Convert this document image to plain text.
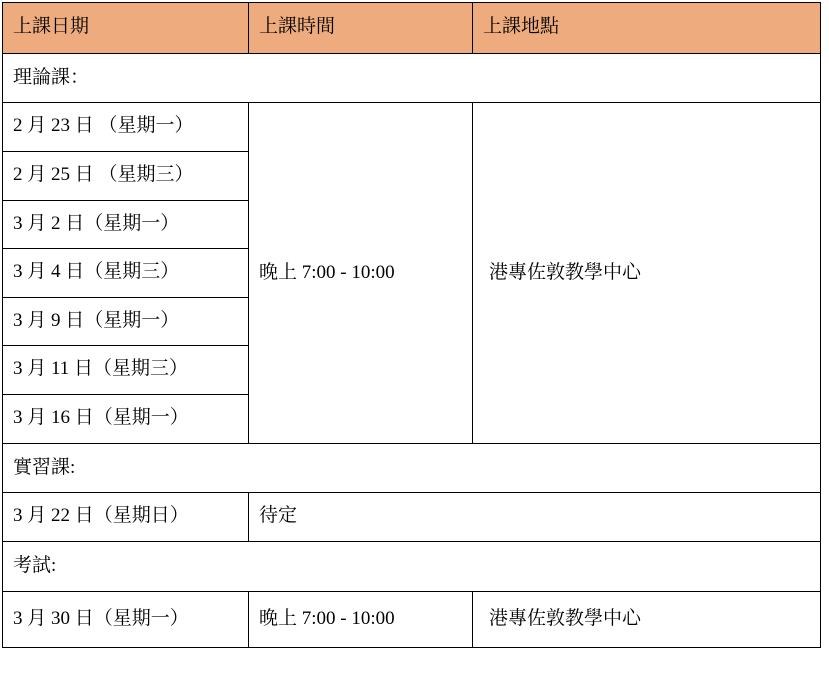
上課日期	上課時間	上課地點
理論課：		
2 月 23 日 （星期一）	晚上 7:00 - 10:00	港專佐敦教學中心
2 月 25 日 （星期三）		
3 月 2 日（星期一）		
3 月 4 日（星期三）		
3 月 9 日（星期一）		
3 月 11 日（星期三）		
3 月 16 日（星期一）		
實習課:		
3 月 22 日（星期日）	待定	
考試:		
3 月 30 日（星期一）	晚上 7:00 - 10:00	港專佐敦教學中心
